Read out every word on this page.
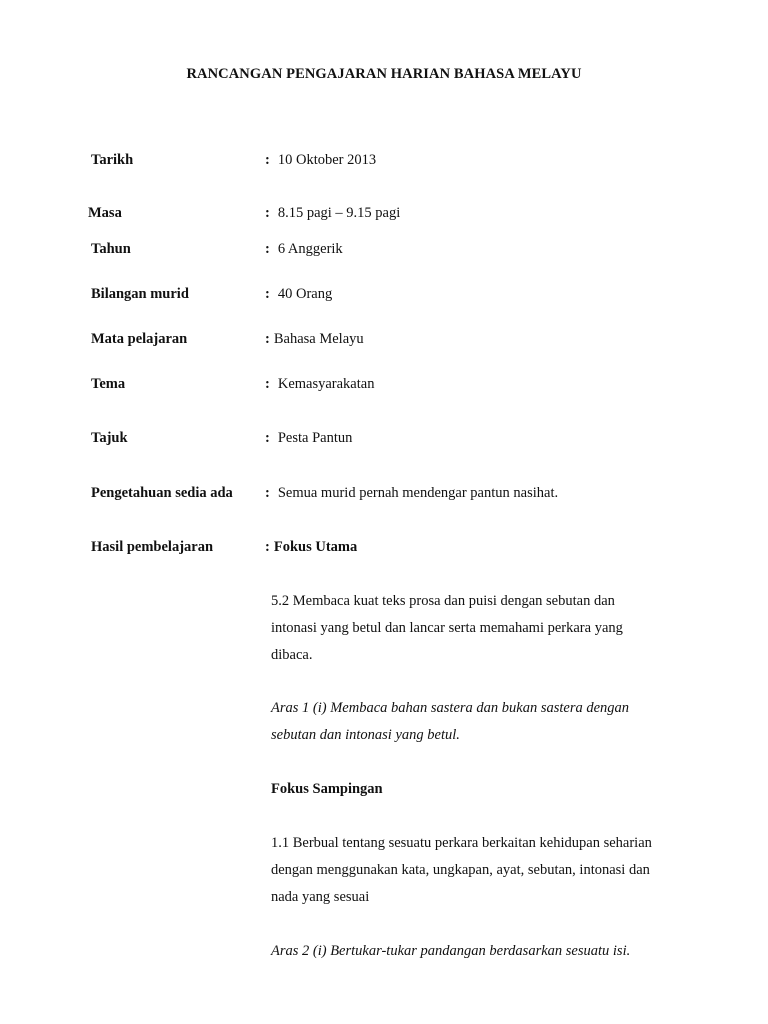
RANCANGAN PENGAJARAN HARIAN BAHASA MELAYU
Tarikh	: 10 Oktober 2013
Masa	: 8.15 pagi – 9.15 pagi
Tahun	: 6 Anggerik
Bilangan murid	: 40 Orang
Mata pelajaran	: Bahasa Melayu
Tema	: Kemasyarakatan
Tajuk	: Pesta Pantun
Pengetahuan sedia ada : Semua murid pernah mendengar pantun nasihat.
Hasil pembelajaran	: Fokus Utama
5.2 Membaca kuat teks prosa dan puisi dengan sebutan dan
intonasi yang betul dan lancar serta memahami perkara yang
dibaca.
Aras 1 (i) Membaca bahan sastera dan bukan sastera dengan
sebutan dan intonasi yang betul.
Fokus Sampingan
1.1 Berbual tentang sesuatu perkara berkaitan kehidupan seharian
dengan menggunakan kata, ungkapan, ayat, sebutan, intonasi dan
nada yang sesuai
Aras 2 (i) Bertukar-tukar pandangan berdasarkan sesuatu isi.
